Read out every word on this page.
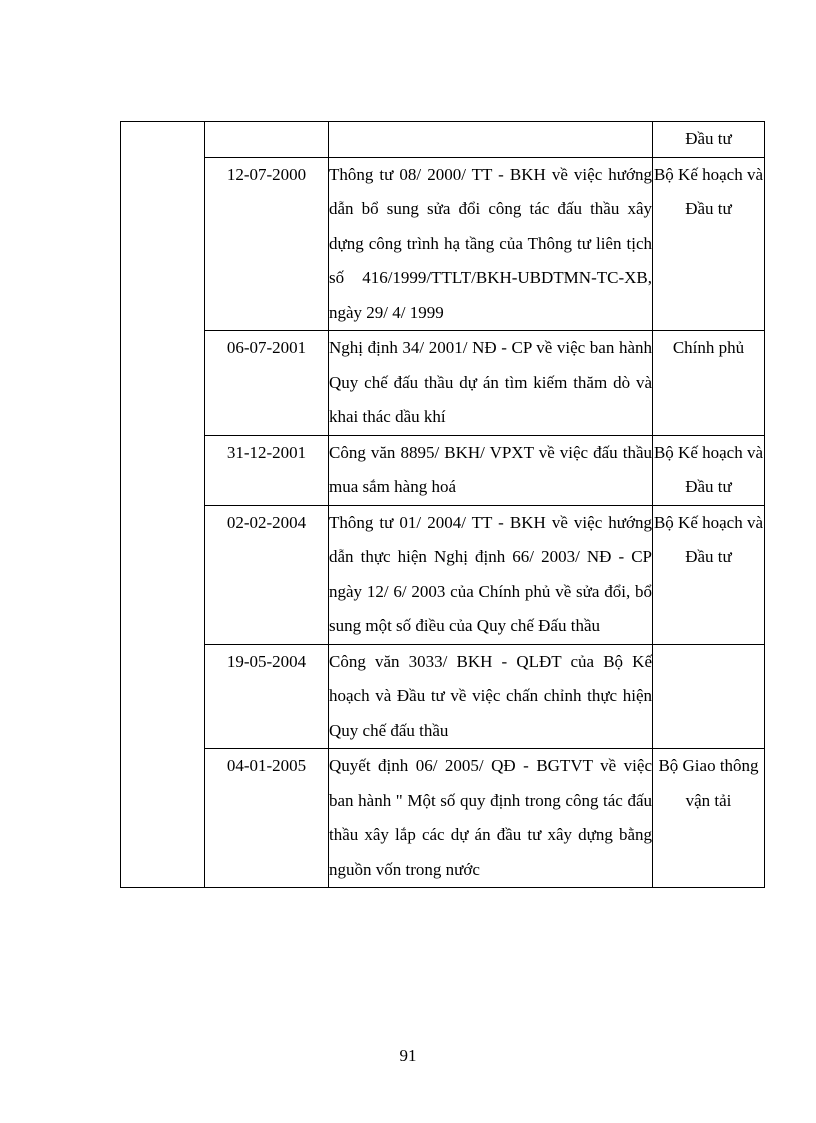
			Đầu tư
	12-07-2000	Thông tư 08/ 2000/ TT - BKH về việc hướng dẫn bổ sung sửa đổi công tác đấu thầu xây dựng công trình hạ tầng của Thông tư liên tịch số 416/1999/TTLT/BKH-UBDTMN-TC-XB, ngày 29/ 4/ 1999	Bộ Kế hoạch và Đầu tư
	06-07-2001	Nghị định 34/ 2001/ NĐ - CP về việc ban hành Quy chế đấu thầu dự án tìm kiếm thăm dò và khai thác dầu khí	Chính phủ
	31-12-2001	Công văn 8895/ BKH/ VPXT về việc đấu thầu mua sắm hàng hoá	Bộ Kế hoạch và Đầu tư
	02-02-2004	Thông tư 01/ 2004/ TT - BKH về việc hướng dẫn thực hiện Nghị định 66/ 2003/ NĐ - CP ngày 12/ 6/ 2003 của Chính phủ về sửa đổi, bổ sung một số điều của Quy chế Đấu thầu	Bộ Kế hoạch và Đầu tư
	19-05-2004	Công văn 3033/ BKH - QLĐT của Bộ Kế hoạch và Đầu tư về việc chấn chỉnh thực hiện Quy chế đấu thầu	
	04-01-2005	Quyết định 06/ 2005/ QĐ - BGTVT về việc ban hành " Một số quy định trong công tác đấu thầu xây lắp các dự án đầu tư xây dựng bằng nguồn vốn trong nước	Bộ Giao thông vận tải
91
